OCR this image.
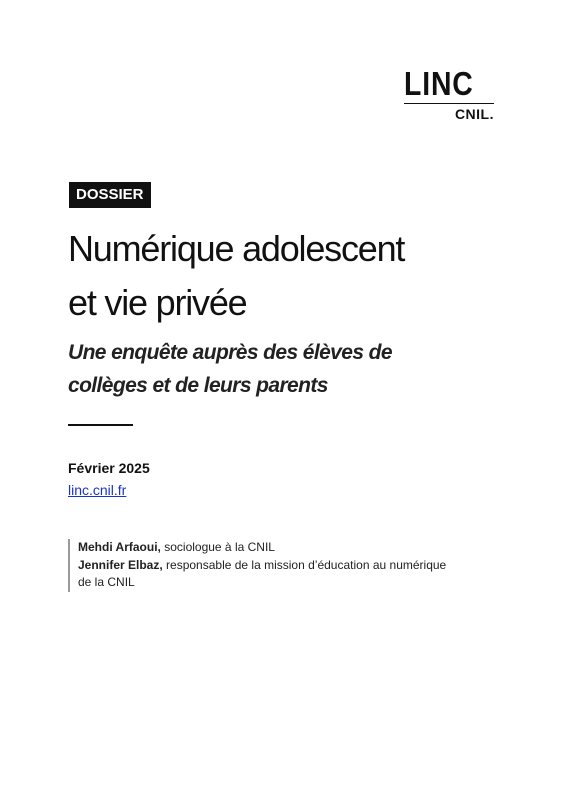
LINC
CNIL.
DOSSIER
Numérique adolescent
et vie privée
Une enquête auprès des élèves de
collèges et de leurs parents
Février 2025
linc.cnil.fr
Mehdi Arfaoui, sociologue à la CNIL
Jennifer Elbaz, responsable de la mission d’éducation au numérique
de la CNIL
